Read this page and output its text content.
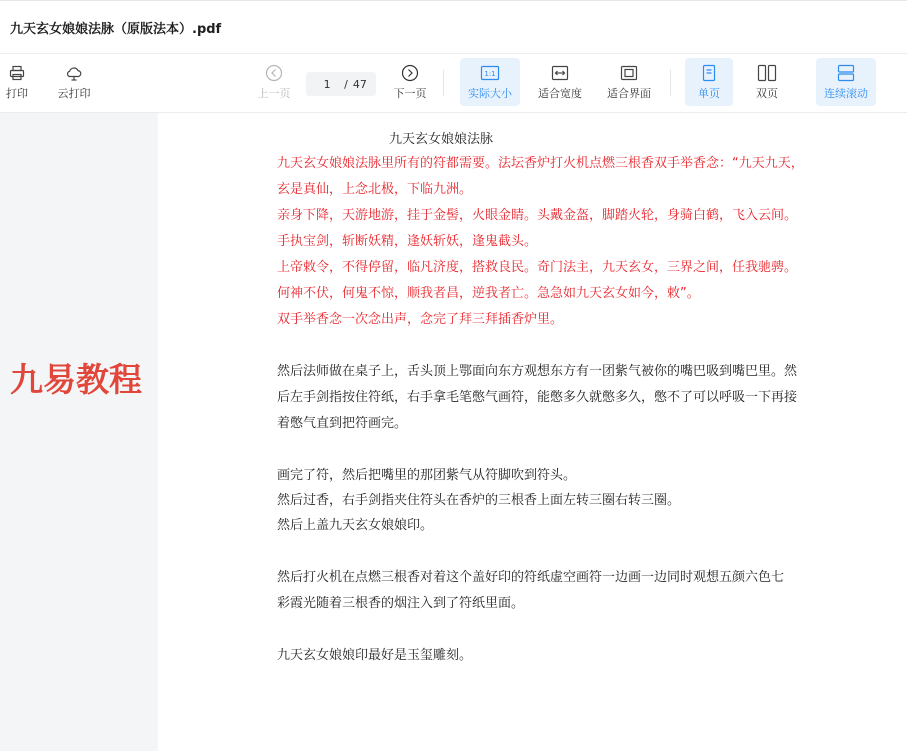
九天玄女娘娘法脉（原版法本）.pdf
打印	云打印	上一页
1
/ 47
下一页
1:1
实际大小 适合宽度 适合界面	单页	双页	连续滚动
九易教程
九天玄女娘娘法脉
九天玄女娘娘法脉里所有的符都需要。法坛香炉打火机点燃三根香双手举香念：“九天九天，
玄是真仙，上念北极，下临九洲。
亲身下降，天游地游，挂于金髻，火眼金睛。头戴金盔，脚踏火轮，身骑白鹤，飞入云间。
手执宝剑，斩断妖精，逢妖斩妖，逢鬼截头。
上帝敕令，不得停留，临凡济度，搭救良民。奇门法主，九天玄女，三界之间，任我驰骋。
何神不伏，何鬼不惊，顺我者昌，逆我者亡。急急如九天玄女如今，敕”。
双手举香念一次念出声，念完了拜三拜插香炉里。
然后法师做在桌子上，舌头顶上鄂面向东方观想东方有一团紫气被你的嘴巴吸到嘴巴里。然
后左手剑指按住符纸，右手拿毛笔憋气画符，能憋多久就憋多久，憋不了可以呼吸一下再接
着憋气直到把符画完。
画完了符，然后把嘴里的那团紫气从符脚吹到符头。
然后过香，右手剑指夹住符头在香炉的三根香上面左转三圈右转三圈。
然后上盖九天玄女娘娘印。
然后打火机在点燃三根香对着这个盖好印的符纸虚空画符一边画一边同时观想五颜六色七
彩霞光随着三根香的烟注入到了符纸里面。
九天玄女娘娘印最好是玉玺雕刻。
